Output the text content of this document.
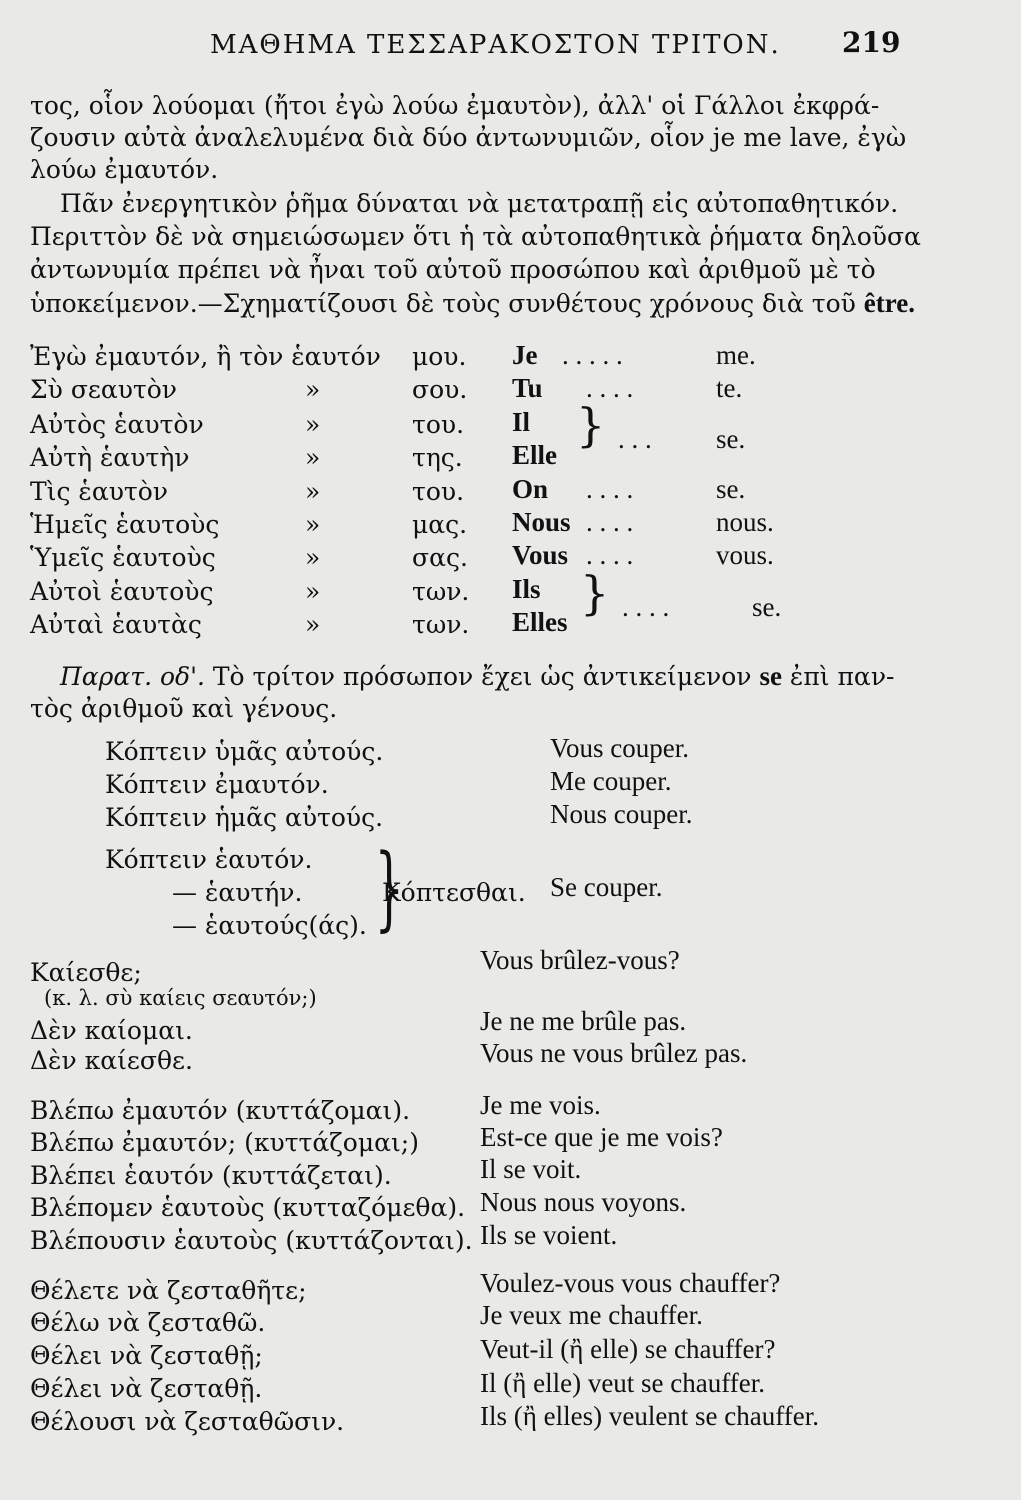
ΜΑΘΗΜΑ ΤΕΣΣΑΡΑΚΟΣΤΟΝ ΤΡΙΤΟΝ. 219
τος, οἷον λούομαι (ἤτοι ἐγὼ λούω ἐμαυτὸν), ἀλλ' οἱ Γάλλοι ἐκφρά-
ζουσιν αὐτὰ ἀναλελυμένα διὰ δύο ἀντωνυμιῶν, οἷον je me lave, ἐγὼ
λούω ἐμαυτόν.
Πᾶν ἐνεργητικὸν ῥῆμα δύναται νὰ μετατραπῇ εἰς αὐτοπαθητικόν.
Περιττὸν δὲ νὰ σημειώσωμεν ὅτι ἡ τὰ αὐτοπαθητικὰ ῥήματα δηλοῦσα
ἀντωνυμία πρέπει νὰ ἦναι τοῦ αὐτοῦ προσώπου καὶ ἀριθμοῦ μὲ τὸ
ὑποκείμενον.—Σχηματίζουσι δὲ τοὺς συνθέτους χρόνους διὰ τοῦ être.
Ἐγὼ ἐμαυτόν, ἢ τὸν ἑαυτόν μου. Je . . . . .	me.
Σὺ σεαυτὸν	»	σου. Tu . . . .	te.
Αὐτὸς ἑαυτὸν	»	του. Il
Αὐτὴ ἑαυτὴν	»	της. Elle
} . . . se.
Τὶς ἑαυτὸν	»	του. On . . . .	se.
Ἡμεῖς ἑαυτοὺς	»	μας. Nous . . . .	nous.
Ὑμεῖς ἑαυτοὺς	»	σας. Vous . . . .	vous.
Αὐτοὶ ἑαυτοὺς	»	των. Ils
Αὐταὶ ἑαυτὰς	»	των. Elles
} . . . .	se.
Παρατ. οδ'. Τὸ τρίτον πρόσωπον ἔχει ὡς ἀντικείμενον se ἐπὶ παν-
τὸς ἀριθμοῦ καὶ γένους.
Κόπτειν ὑμᾶς αὐτούς.	Vous couper.
Κόπτειν ἐμαυτόν.	Me couper.
Κόπτειν ἡμᾶς αὐτούς.	Nous couper.
Κόπτειν ἑαυτόν.
— ἑαυτήν.
— ἑαυτούς(άς). }
Κόπτεσθαι. Se couper.
Καίεσθε;	Vous brûlez-vous?
(κ. λ. σὺ καίεις σεαυτόν;)
Δὲν καίομαι.	Je ne me brûle pas.
Δὲν καίεσθε.	Vous ne vous brûlez pas.
Βλέπω ἐμαυτόν (κυττάζομαι).	Je me vois.
Βλέπω ἐμαυτόν; (κυττάζομαι;) Est-ce que je me vois?
Βλέπει ἑαυτόν (κυττάζεται).	Il se voit.
Βλέπομεν ἑαυτοὺς (κυτταζόμεθα). Nous nous voyons.
Βλέπουσιν ἑαυτοὺς (κυττάζονται). Ils se voient.
Θέλετε νὰ ζεσταθῆτε;	Voulez-vous vous chauffer?
Θέλω νὰ ζεσταθῶ.	Je veux me chauffer.
Θέλει νὰ ζεσταθῇ;	Veut-il (ἢ elle) se chauffer?
Θέλει νὰ ζεσταθῇ.	Il (ἢ elle) veut se chauffer.
Θέλουσι νὰ ζεσταθῶσιν.	Ils (ἢ elles) veulent se chauffer.
